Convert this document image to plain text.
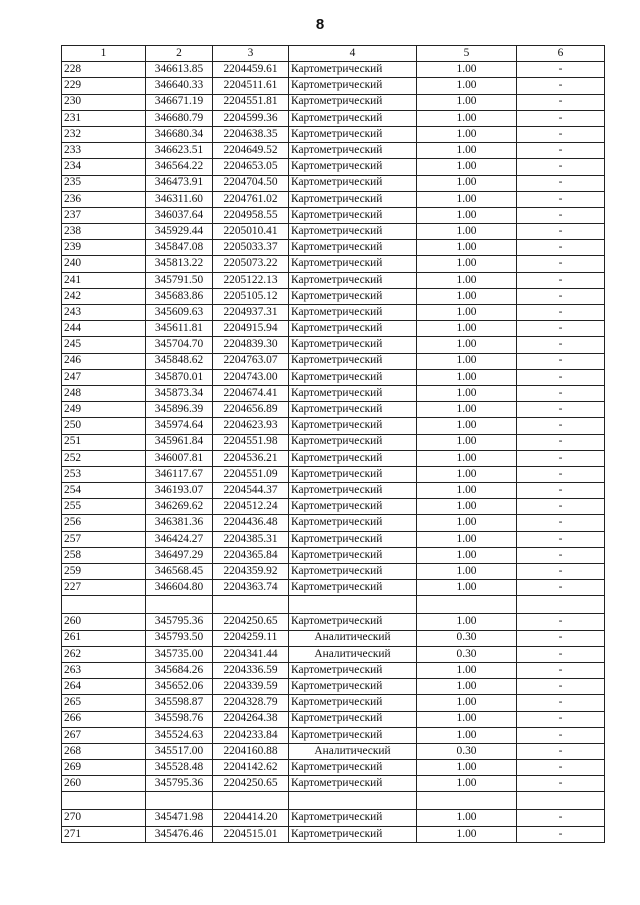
8
1	2	3	4	5	6
228	346613.85	2204459.61	Картометрический	1.00	-
229	346640.33	2204511.61	Картометрический	1.00	-
230	346671.19	2204551.81	Картометрический	1.00	-
231	346680.79	2204599.36	Картометрический	1.00	-
232	346680.34	2204638.35	Картометрический	1.00	-
233	346623.51	2204649.52	Картометрический	1.00	-
234	346564.22	2204653.05	Картометрический	1.00	-
235	346473.91	2204704.50	Картометрический	1.00	-
236	346311.60	2204761.02	Картометрический	1.00	-
237	346037.64	2204958.55	Картометрический	1.00	-
238	345929.44	2205010.41	Картометрический	1.00	-
239	345847.08	2205033.37	Картометрический	1.00	-
240	345813.22	2205073.22	Картометрический	1.00	-
241	345791.50	2205122.13	Картометрический	1.00	-
242	345683.86	2205105.12	Картометрический	1.00	-
243	345609.63	2204937.31	Картометрический	1.00	-
244	345611.81	2204915.94	Картометрический	1.00	-
245	345704.70	2204839.30	Картометрический	1.00	-
246	345848.62	2204763.07	Картометрический	1.00	-
247	345870.01	2204743.00	Картометрический	1.00	-
248	345873.34	2204674.41	Картометрический	1.00	-
249	345896.39	2204656.89	Картометрический	1.00	-
250	345974.64	2204623.93	Картометрический	1.00	-
251	345961.84	2204551.98	Картометрический	1.00	-
252	346007.81	2204536.21	Картометрический	1.00	-
253	346117.67	2204551.09	Картометрический	1.00	-
254	346193.07	2204544.37	Картометрический	1.00	-
255	346269.62	2204512.24	Картометрический	1.00	-
256	346381.36	2204436.48	Картометрический	1.00	-
257	346424.27	2204385.31	Картометрический	1.00	-
258	346497.29	2204365.84	Картометрический	1.00	-
259	346568.45	2204359.92	Картометрический	1.00	-
227	346604.80	2204363.74	Картометрический	1.00	-

260	345795.36	2204250.65	Картометрический	1.00	-
261	345793.50	2204259.11	Аналитический	0.30	-
262	345735.00	2204341.44	Аналитический	0.30	-
263	345684.26	2204336.59	Картометрический	1.00	-
264	345652.06	2204339.59	Картометрический	1.00	-
265	345598.87	2204328.79	Картометрический	1.00	-
266	345598.76	2204264.38	Картометрический	1.00	-
267	345524.63	2204233.84	Картометрический	1.00	-
268	345517.00	2204160.88	Аналитический	0.30	-
269	345528.48	2204142.62	Картометрический	1.00	-
260	345795.36	2204250.65	Картометрический	1.00	-

270	345471.98	2204414.20	Картометрический	1.00	-
271	345476.46	2204515.01	Картометрический	1.00	-
